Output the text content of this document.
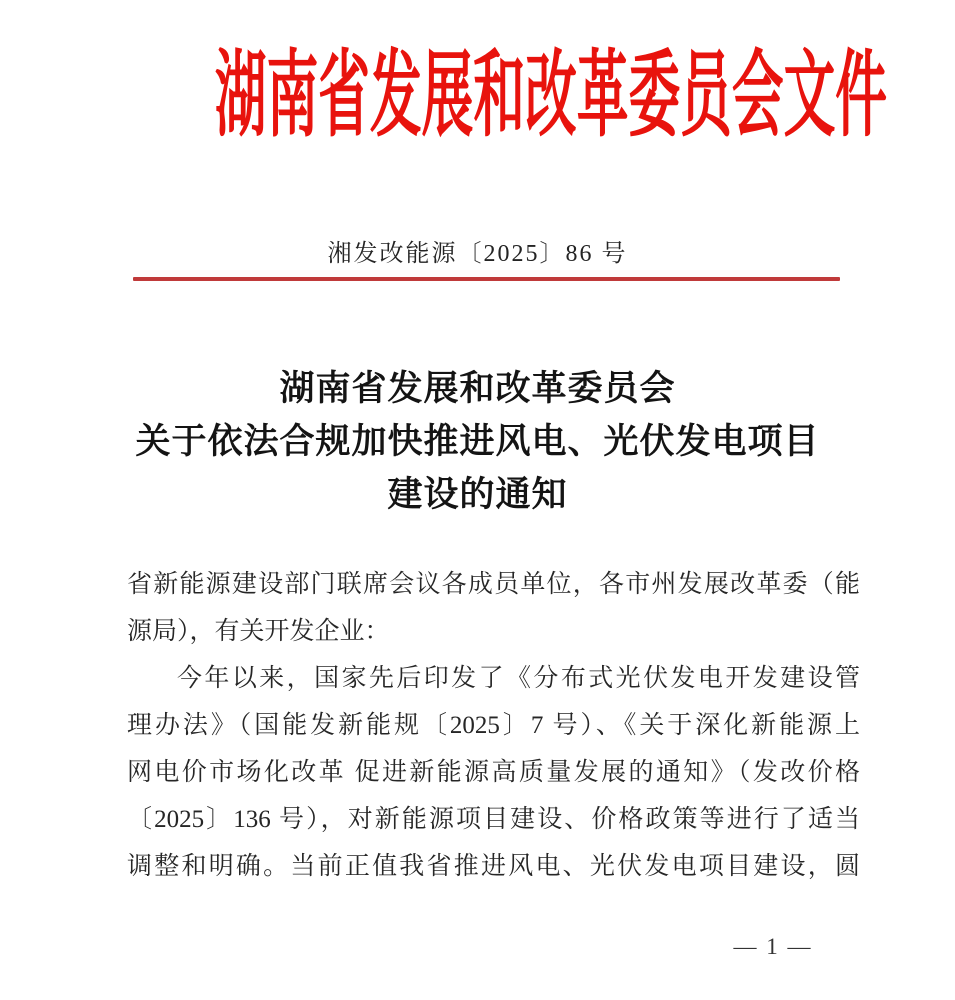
湖南省发展和改革委员会文件
湘发改能源〔2025〕86 号
湖南省发展和改革委员会
关于依法合规加快推进风电、光伏发电项目
建设的通知
省新能源建设部门联席会议各成员单位，各市州发展改革委（能
源局），有关开发企业：
今年以来，国家先后印发了《分布式光伏发电开发建设管
理办法》（国能发新能规〔2025〕7 号）、《关于深化新能源上
网电价市场化改革 促进新能源高质量发展的通知》（发改价格
〔2025〕136 号），对新能源项目建设、价格政策等进行了适当
调整和明确。当前正值我省推进风电、光伏发电项目建设，圆
— 1 —
